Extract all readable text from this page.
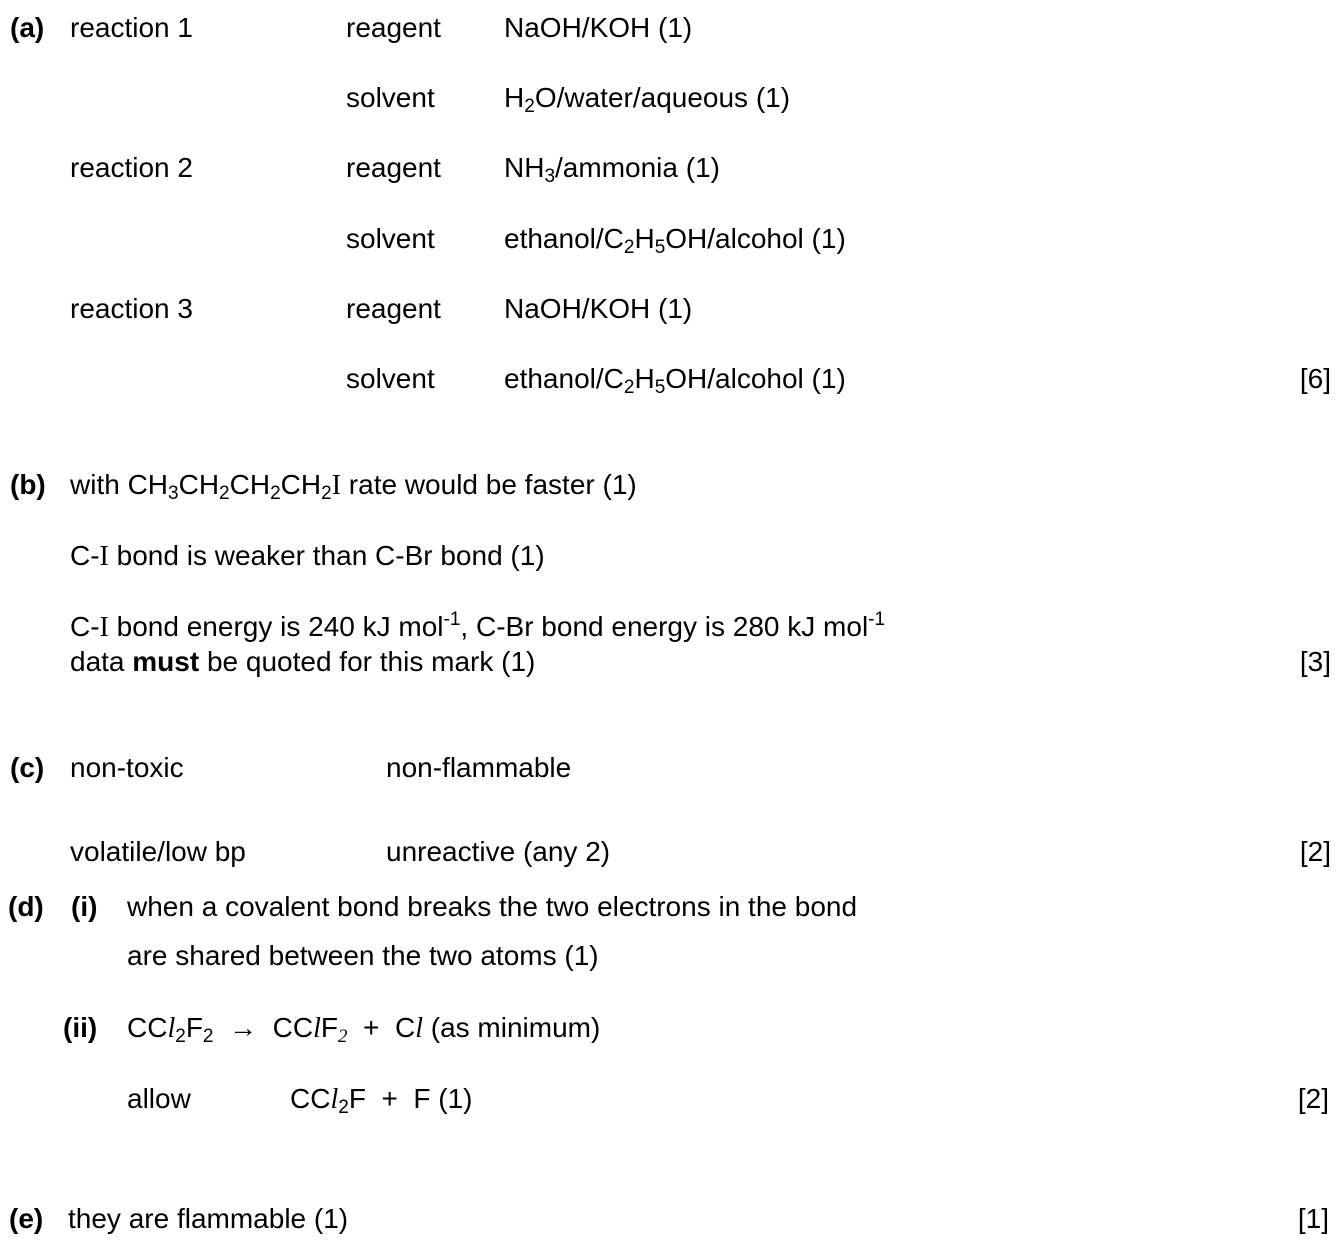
(a) reaction 1	reagent NaOH/KOH (1)
solvent $H_2O/water$/aqueous (1)
reaction 2	reagent $NH_3$/ammonia (1)
solvent ethanol/$C_2H_5OH$/alcohol (1)
reaction 3	reagent NaOH/KOH (1)
solvent ethanol/$C_2H_5OH$/alcohol (1)	[6]
(b) with $CH_3CH_2CH_2CH_2I$ rate would be faster (1)
C-I bond is weaker than C-Br bond (1)
C-I bond energy is 240 kJ mol$^{-1}$, C-Br bond energy is 280 kJ mol$^{-1}$
data must be quoted for this mark (1)	[3]
(c) non-toxic	non-flammable
volatile/low bp	unreactive (any 2)	[2]
(d) (i) when a covalent bond breaks the two electrons in the bond
are shared between the two atoms (1)
(ii) $CCl_2F_2$ → CClF$_2$ + Cl (as minimum)
allow	CCl$_2$F  +  F (1)	[2]
(e) they are flammable (1)	[1]
